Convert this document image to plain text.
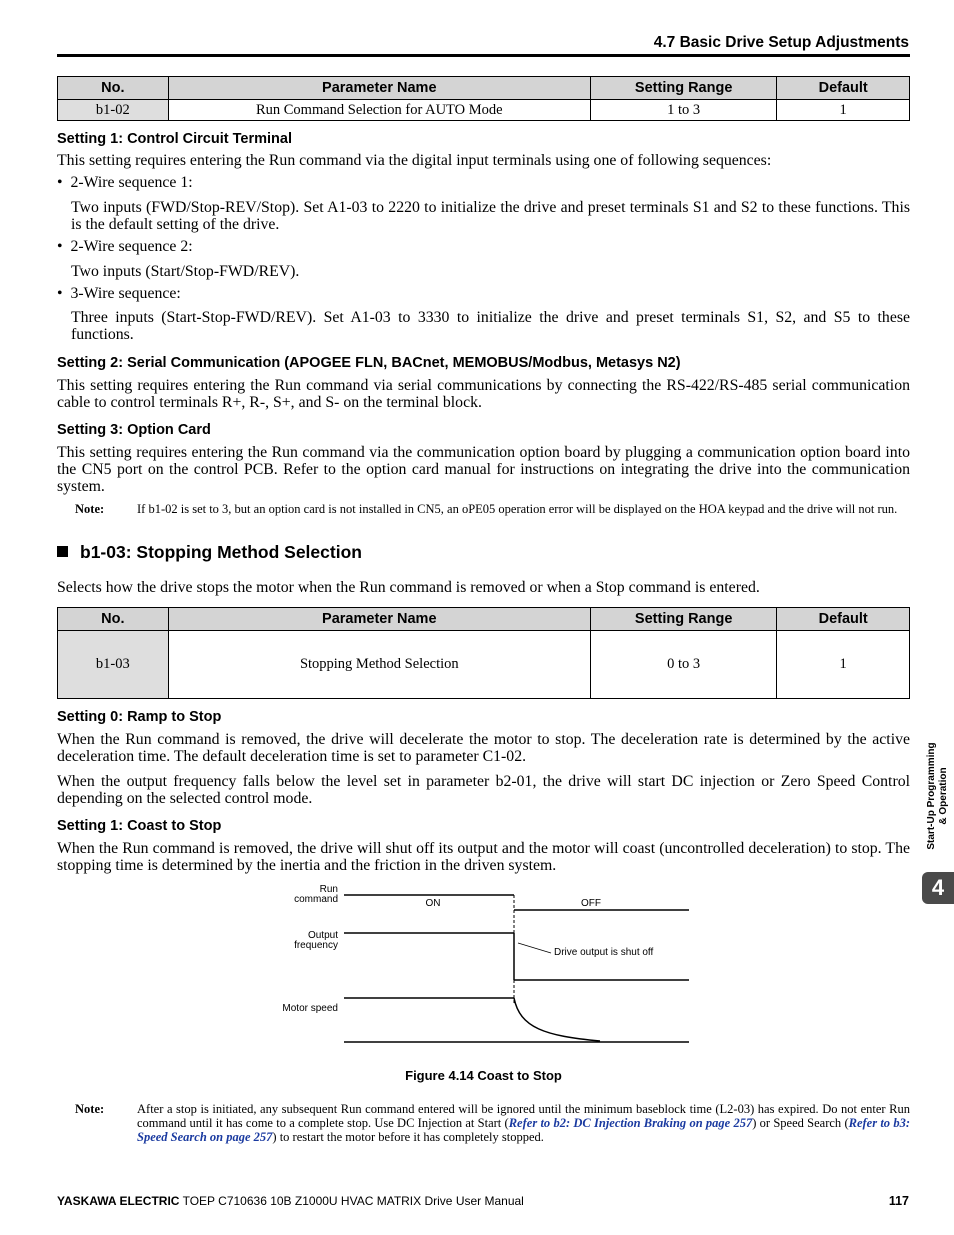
4.7 Basic Drive Setup Adjustments
No.	Parameter Name	Setting Range	Default
b1-02	Run Command Selection for AUTO Mode	1 to 3	1
Setting 1: Control Circuit Terminal
This setting requires entering the Run command via the digital input terminals using one of following sequences:
•  2-Wire sequence 1:
Two inputs (FWD/Stop-REV/Stop). Set A1-03 to 2220 to initialize the drive and preset terminals S1 and S2 to these functions. This is the default setting of the drive.
•  2-Wire sequence 2:
Two inputs (Start/Stop-FWD/REV).
•  3-Wire sequence:
Three inputs (Start-Stop-FWD/REV). Set A1-03 to 3330 to initialize the drive and preset terminals S1, S2, and S5 to these functions.
Setting 2: Serial Communication (APOGEE FLN, BACnet, MEMOBUS/Modbus, Metasys N2)
This setting requires entering the Run command via serial communications by connecting the RS-422/RS-485 serial communication cable to control terminals R+, R-, S+, and S- on the terminal block.
Setting 3: Option Card
This setting requires entering the Run command via the communication option board by plugging a communication option board into the CN5 port on the control PCB. Refer to the option card manual for instructions on integrating the drive into the communication system.
Note:	If b1-02 is set to 3, but an option card is not installed in CN5, an oPE05 operation error will be displayed on the HOA keypad and the drive will not run.
b1-03: Stopping Method Selection
Selects how the drive stops the motor when the Run command is removed or when a Stop command is entered.
No.	Parameter Name	Setting Range	Default
b1-03	Stopping Method Selection	0 to 3	1
Setting 0: Ramp to Stop
When the Run command is removed, the drive will decelerate the motor to stop. The deceleration rate is determined by the active deceleration time. The default deceleration time is set to parameter C1-02.
When the output frequency falls below the level set in parameter b2-01, the drive will start DC injection or Zero Speed Control depending on the selected control mode.
Setting 1: Coast to Stop
When the Run command is removed, the drive will shut off its output and the motor will coast (uncontrolled deceleration) to stop. The stopping time is determined by the inertia and the friction in the driven system.
Run
command	ON	OFF
Output
frequency
Drive output is shut off
Motor speed
Figure 4.14 Coast to Stop
Note:	After a stop is initiated, any subsequent Run command entered will be ignored until the minimum baseblock time (L2-03) has expired. Do not enter Run command until it has come to a complete stop. Use DC Injection at Start (Refer to b2: DC Injection Braking on page 257) or Speed Search (Refer to b3: Speed Search on page 257) to restart the motor before it has completely stopped.
Start-Up Programming & Operation
4
YASKAWA ELECTRIC TOEP C710636 10B Z1000U HVAC MATRIX Drive User Manual	117
